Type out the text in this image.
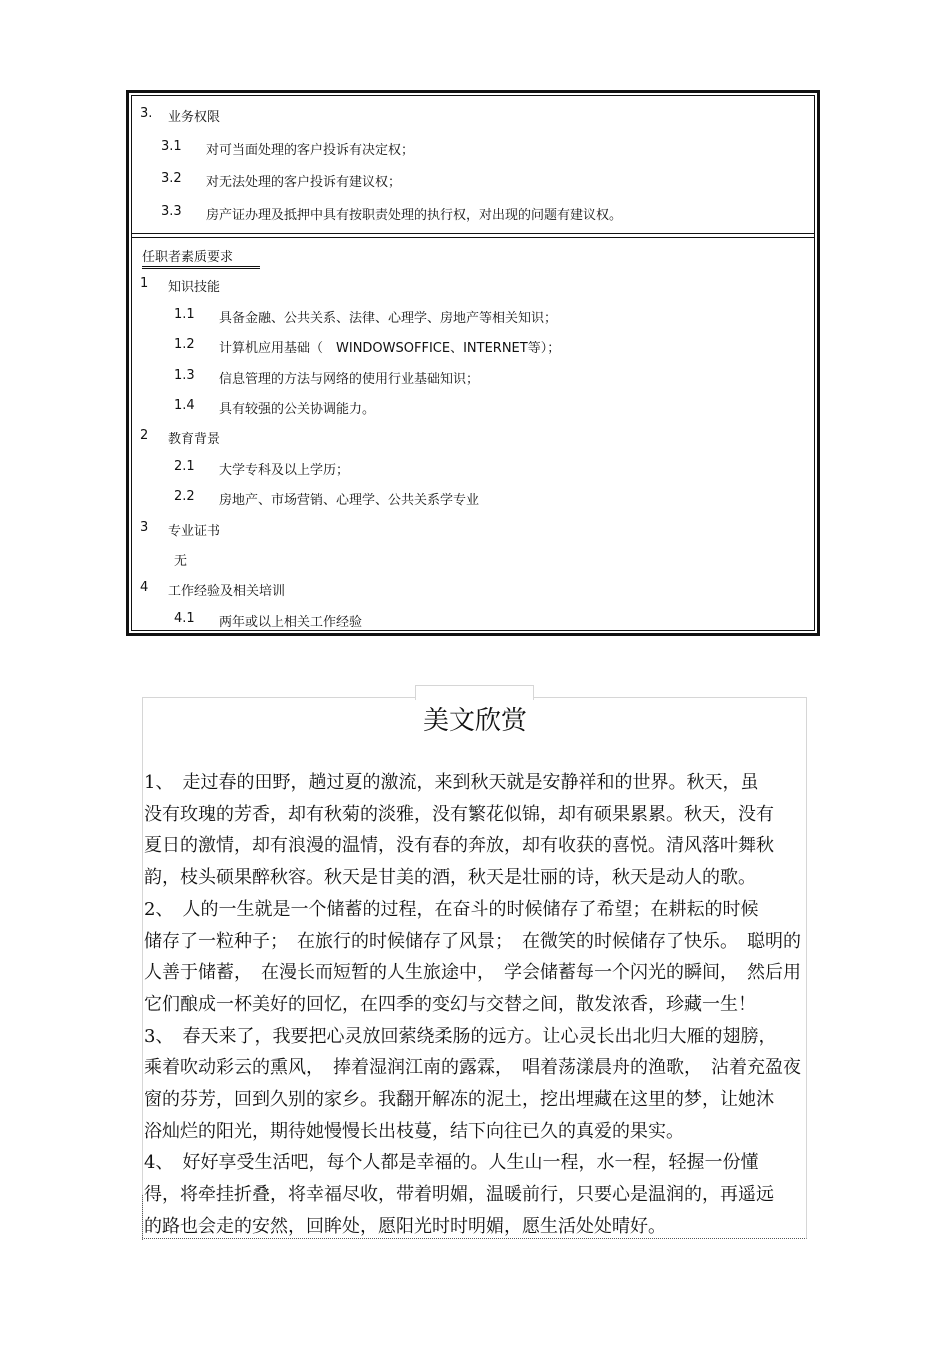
3. 业务权限
3.1 对可当面处理的客户投诉有决定权；
3.2 对无法处理的客户投诉有建议权；
3.3 房产证办理及抵押中具有按职责处理的执行权，对出现的问题有建议权。
任职者素质要求
1 知识技能
1.1 具备金融、公共关系、法律、心理学、房地产等相关知识；
1.2 计算机应用基础（　WINDOWSOFFICE、INTERNET等）；
1.3 信息管理的方法与网络的使用行业基础知识；
1.4 具有较强的公关协调能力。
2 教育背景
2.1 大学专科及以上学历；
2.2 房地产、市场营销、心理学、公共关系学专业
3 专业证书
无
4 工作经验及相关培训
4.1 两年或以上相关工作经验
美文欣赏
1、　走过春的田野，趟过夏的激流，来到秋天就是安静祥和的世界。秋天，虽
没有玫瑰的芳香，却有秋菊的淡雅，没有繁花似锦，却有硕果累累。秋天，没有
夏日的激情，却有浪漫的温情，没有春的奔放，却有收获的喜悦。清风落叶舞秋
韵，枝头硕果醉秋容。秋天是甘美的酒，秋天是壮丽的诗，秋天是动人的歌。
2、　人的一生就是一个储蓄的过程，在奋斗的时候储存了希望；在耕耘的时候
储存了一粒种子；　在旅行的时候储存了风景；　在微笑的时候储存了快乐。　聪明的
人善于储蓄，　在漫长而短暂的人生旅途中，　学会储蓄每一个闪光的瞬间，　然后用
它们酿成一杯美好的回忆，在四季的变幻与交替之间，散发浓香，珍藏一生！
3、　春天来了，我要把心灵放回萦绕柔肠的远方。让心灵长出北归大雁的翅膀，
乘着吹动彩云的熏风，　捧着湿润江南的露霖，　唱着荡漾晨舟的渔歌，　沾着充盈夜
窗的芬芳，回到久别的家乡。我翻开解冻的泥土，挖出埋藏在这里的梦，让她沐
浴灿烂的阳光，期待她慢慢长出枝蔓，结下向往已久的真爱的果实。
4、　好好享受生活吧，每个人都是幸福的。人生山一程，水一程，轻握一份懂
得，将牵挂折叠，将幸福尽收，带着明媚，温暖前行，只要心是温润的，再遥远
的路也会走的安然，回眸处，愿阳光时时明媚，愿生活处处晴好。
